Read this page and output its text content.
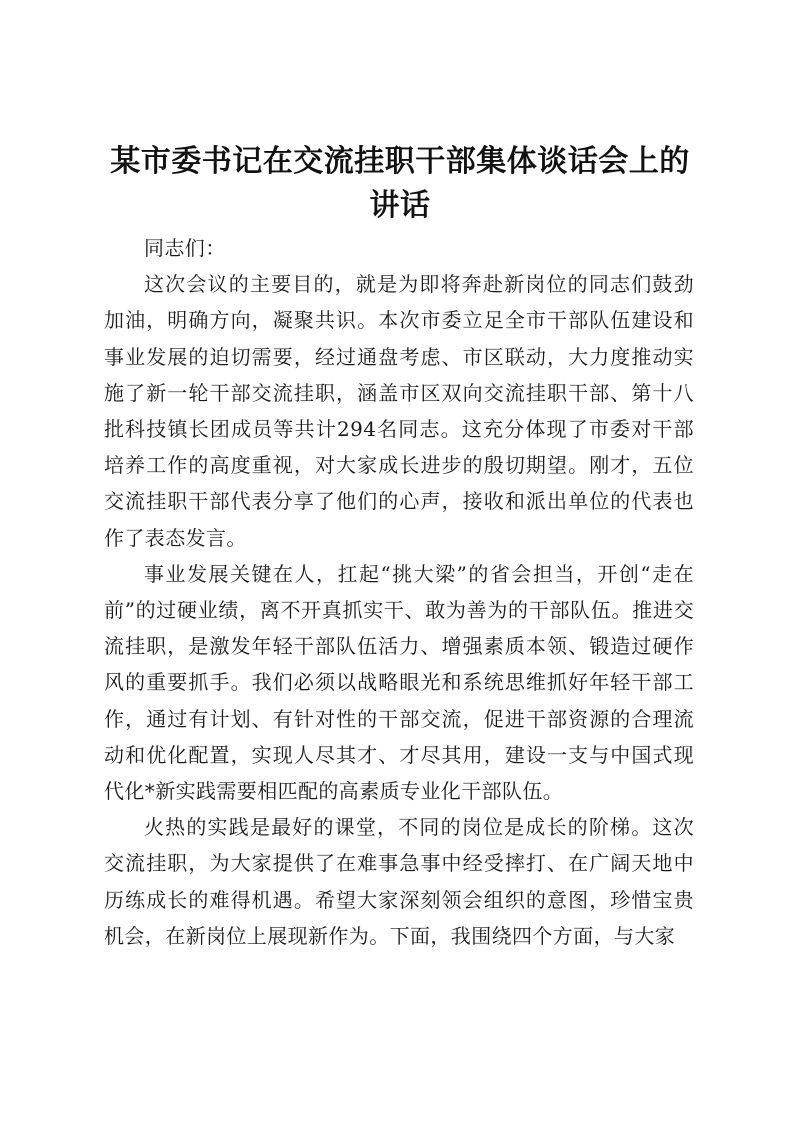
某市委书记在交流挂职干部集体谈话会上的讲话

同志们：

这次会议的主要目的，就是为即将奔赴新岗位的同志们鼓劲加油，明确方向，凝聚共识。本次市委立足全市干部队伍建设和事业发展的迫切需要，经过通盘考虑、市区联动，大力度推动实施了新一轮干部交流挂职，涵盖市区双向交流挂职干部、第十八批科技镇长团成员等共计294名同志。这充分体现了市委对干部培养工作的高度重视，对大家成长进步的殷切期望。刚才，五位交流挂职干部代表分享了他们的心声，接收和派出单位的代表也作了表态发言。

事业发展关键在人，扛起“挑大梁”的省会担当，开创“走在前”的过硬业绩，离不开真抓实干、敢为善为的干部队伍。推进交流挂职，是激发年轻干部队伍活力、增强素质本领、锻造过硬作风的重要抓手。我们必须以战略眼光和系统思维抓好年轻干部工作，通过有计划、有针对性的干部交流，促进干部资源的合理流动和优化配置，实现人尽其才、才尽其用，建设一支与中国式现代化*新实践需要相匹配的高素质专业化干部队伍。

火热的实践是最好的课堂，不同的岗位是成长的阶梯。这次交流挂职，为大家提供了在难事急事中经受摔打、在广阔天地中历练成长的难得机遇。希望大家深刻领会组织的意图，珍惜宝贵机会，在新岗位上展现新作为。下面，我围绕四个方面，与大家
